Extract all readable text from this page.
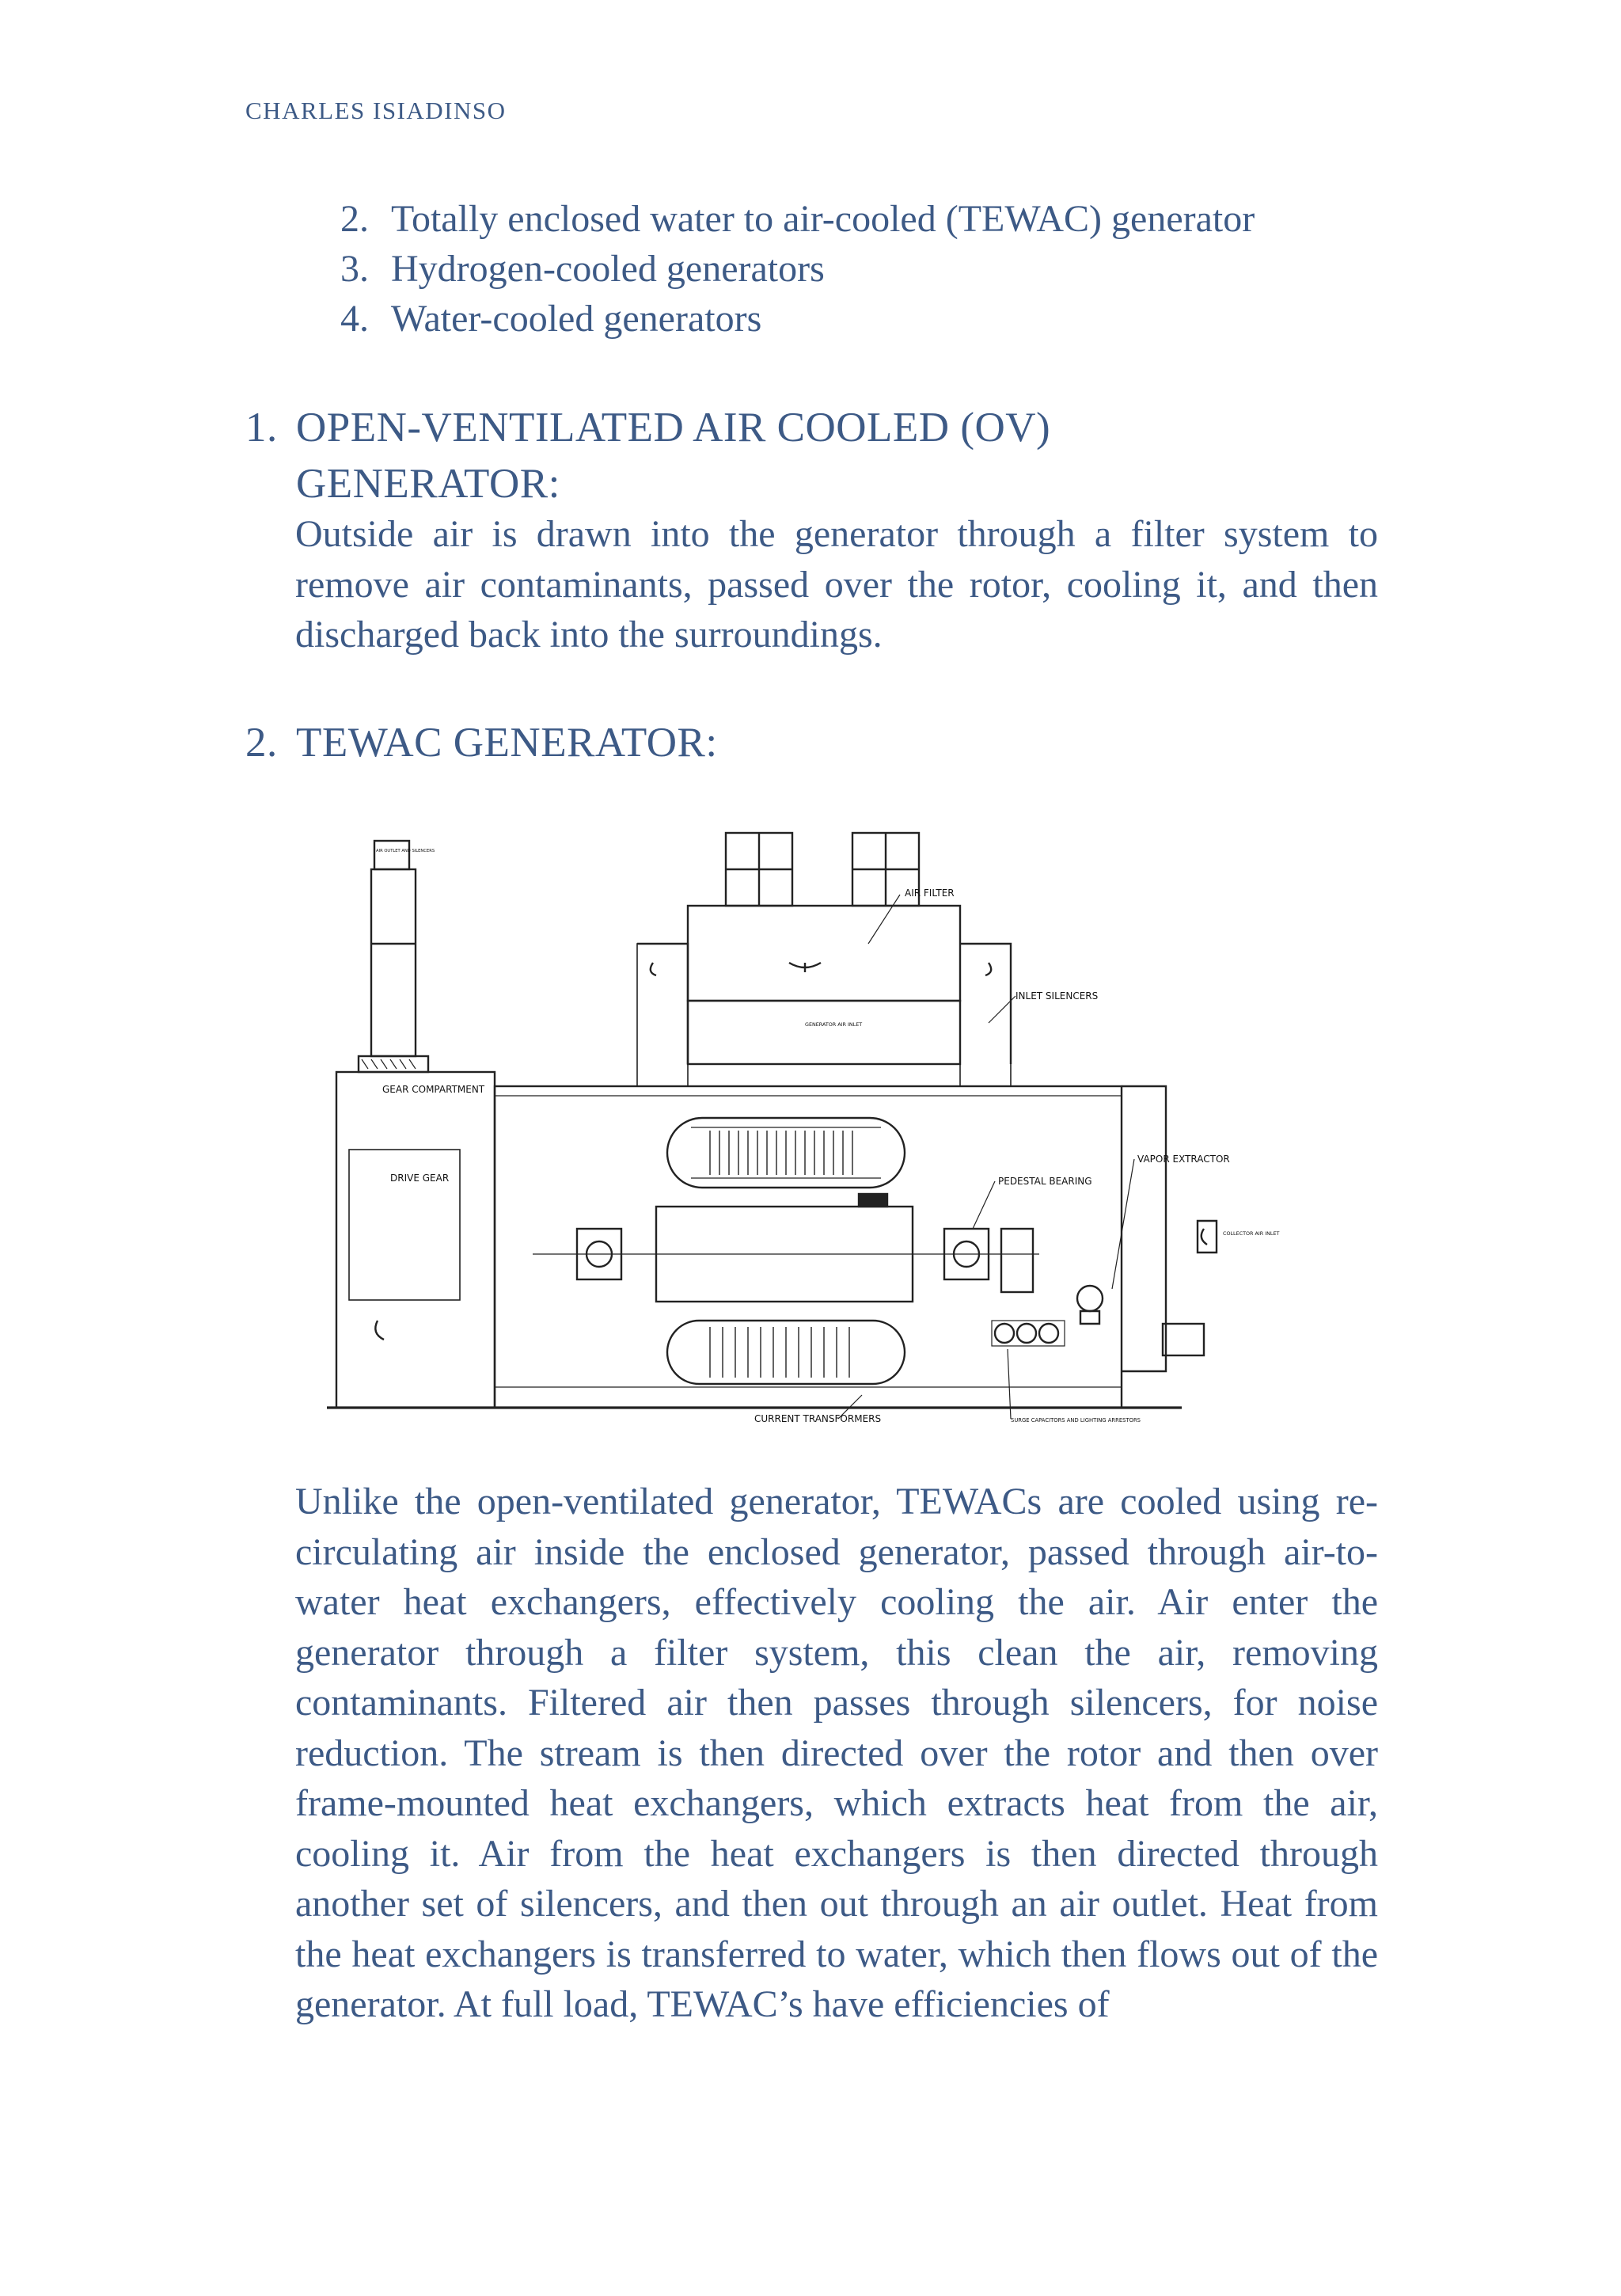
CHARLES ISIADINSO
2. Totally enclosed water to air-cooled (TEWAC) generator
3. Hydrogen-cooled generators
4. Water-cooled generators
1. OPEN-VENTILATED AIR COOLED (OV)
GENERATOR:

Outside air is drawn into the generator through a filter system to remove air contaminants, passed over the rotor, cooling it, and then discharged back into the surroundings.

2. TEWAC GENERATOR:
AIR OUTLET AND SILENCERS
GEAR COMPARTMENT
DRIVE GEAR
AIR FILTER
GENERATOR AIR INLET
INLET SILENCERS
PEDESTAL BEARING
VAPOR EXTRACTOR
COLLECTOR AIR INLET
CURRENT TRANSFORMERS	SURGE CAPACITORS AND LIGHTING ARRESTORS

Unlike the open-ventilated generator, TEWACs are cooled using re-circulating air inside the enclosed generator, passed through air-to-water heat exchangers, effectively cooling the air. Air enter the generator through a filter system, this clean the air, removing contaminants. Filtered air then passes through silencers, for noise reduction. The stream is then directed over the rotor and then over frame-mounted heat exchangers, which extracts heat from the air, cooling it. Air from the heat exchangers is then directed through another set of silencers, and then out through an air outlet. Heat from the heat exchangers is transferred to water, which then flows out of the generator. At full load, TEWAC’s have efficiencies of
